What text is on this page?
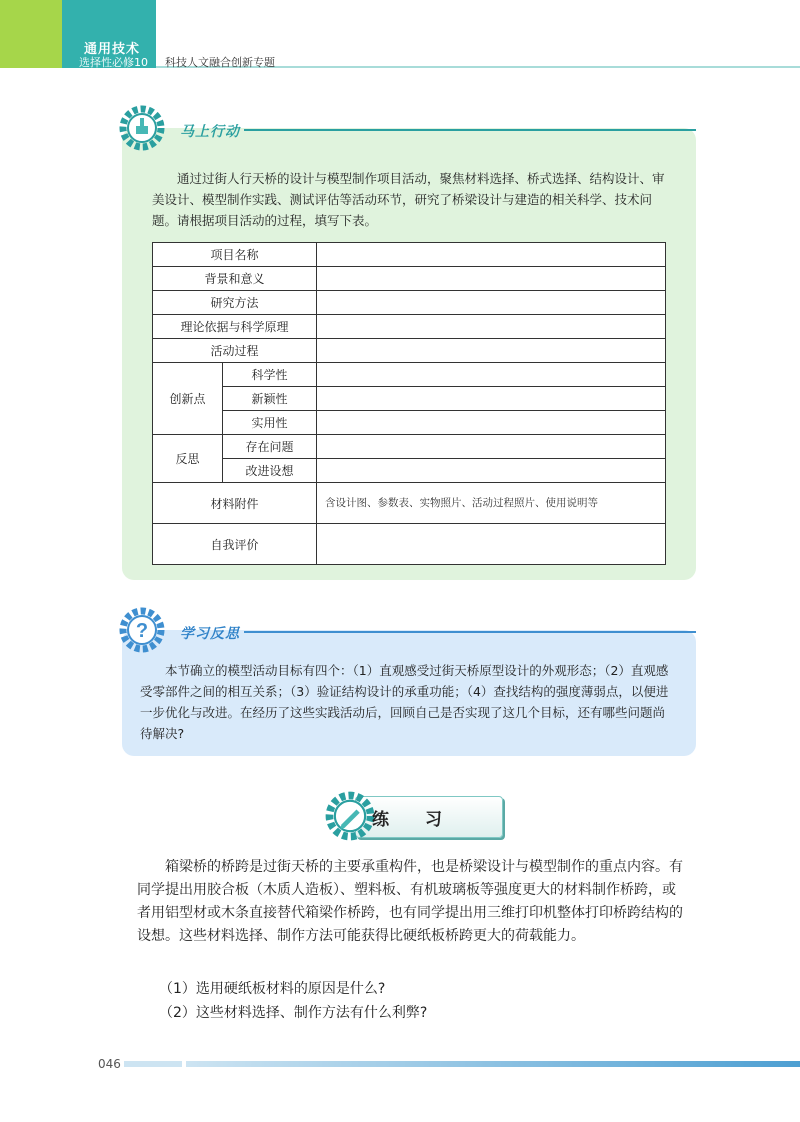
通用技术
选择性必修10 科技人文融合创新专题
马上行动

通过过街人行天桥的设计与模型制作项目活动，聚焦材料选择、桥式选择、结构设计、审美设计、模型制作实践、测试评估等活动环节，研究了桥梁设计与建造的相关科学、技术问题。请根据项目活动的过程，填写下表。

项目名称		
背景和意义		
研究方法		
理论依据与科学原理		
活动过程		
创新点	科学性	
	新颖性	
	实用性	
反思	存在问题	
	改进设想	
材料附件		含设计图、参数表、实物照片、活动过程照片、使用说明等
自我评价		
? 学习反思

本节确立的模型活动目标有四个：（1）直观感受过街天桥原型设计的外观形态；（2）直观感受零部件之间的相互关系；（3）验证结构设计的承重功能；（4）查找结构的强度薄弱点，以便进一步优化与改进。在经历了这些实践活动后，回顾自己是否实现了这几个目标，还有哪些问题尚待解决?

练习

箱梁桥的桥跨是过街天桥的主要承重构件，也是桥梁设计与模型制作的重点内容。有同学提出用胶合板（木质人造板）、塑料板、有机玻璃板等强度更大的材料制作桥跨，或者用铝型材或木条直接替代箱梁作桥跨，也有同学提出用三维打印机整体打印桥跨结构的设想。这些材料选择、制作方法可能获得比硬纸板桥跨更大的荷载能力。

（1）选用硬纸板材料的原因是什么?

（2）这些材料选择、制作方法有什么利弊?

046
